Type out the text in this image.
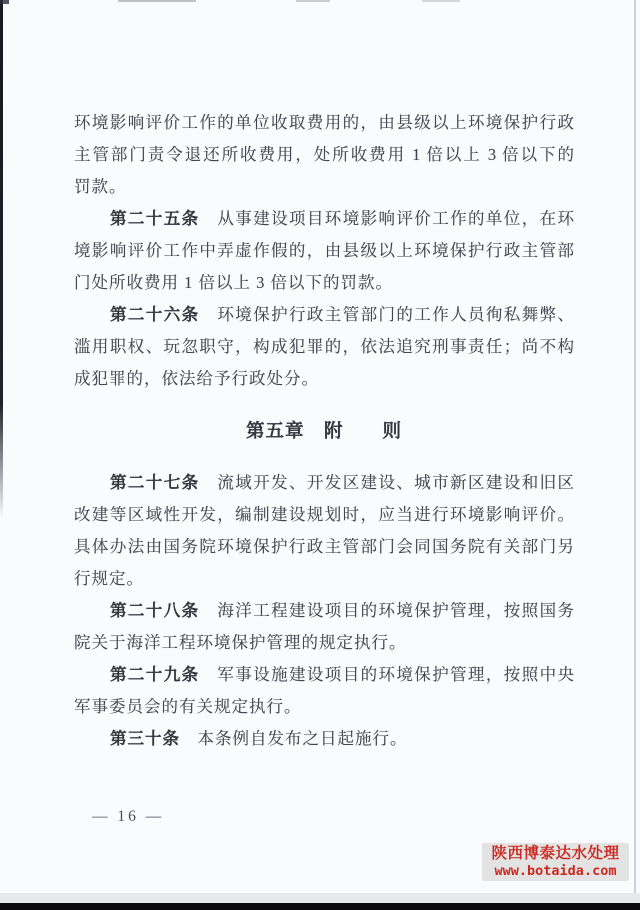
环境影响评价工作的单位收取费用的，由县级以上环境保护行政
主管部门责令退还所收费用，处所收费用 1 倍以上 3 倍以下的
罚款。
第二十五条　从事建设项目环境影响评价工作的单位，在环
境影响评价工作中弄虚作假的，由县级以上环境保护行政主管部
门处所收费用 1 倍以上 3 倍以下的罚款。
第二十六条　环境保护行政主管部门的工作人员徇私舞弊、
滥用职权、玩忽职守，构成犯罪的，依法追究刑事责任；尚不构
成犯罪的，依法给予行政处分。
第五章　附　　则
第二十七条　流域开发、开发区建设、城市新区建设和旧区
改建等区域性开发，编制建设规划时，应当进行环境影响评价。
具体办法由国务院环境保护行政主管部门会同国务院有关部门另
行规定。
第二十八条　海洋工程建设项目的环境保护管理，按照国务
院关于海洋工程环境保护管理的规定执行。
第二十九条　军事设施建设项目的环境保护管理，按照中央
军事委员会的有关规定执行。
第三十条　本条例自发布之日起施行。
— 16 —
陕西博泰达水处理
www.botaida.com
